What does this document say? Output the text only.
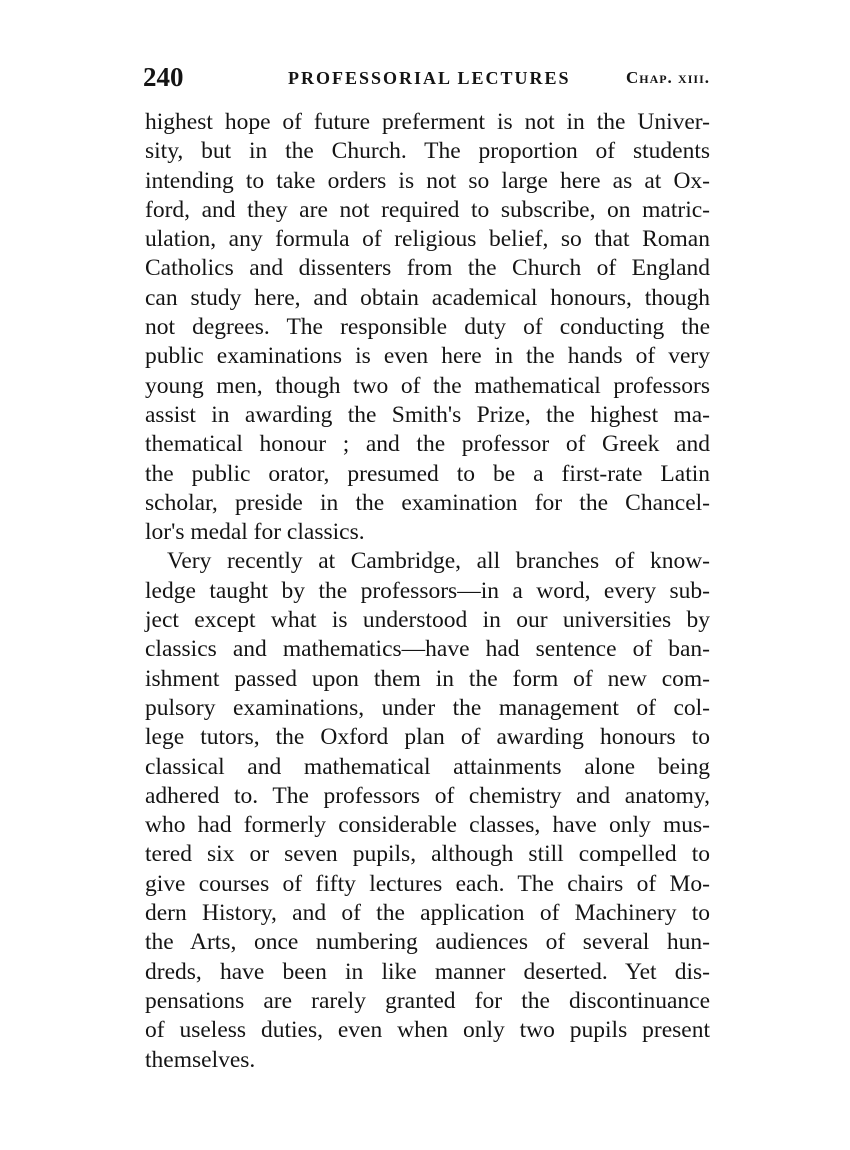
240	PROFESSORIAL LECTURES	Chap. xiii.
highest hope of future preferment is not in the Univer-
sity, but in the Church. The proportion of students
intending to take orders is not so large here as at Ox-
ford, and they are not required to subscribe, on matric-
ulation, any formula of religious belief, so that Roman
Catholics and dissenters from the Church of England
can study here, and obtain academical honours, though
not degrees. The responsible duty of conducting the
public examinations is even here in the hands of very
young men, though two of the mathematical professors
assist in awarding the Smith's Prize, the highest ma-
thematical honour ; and the professor of Greek and
the public orator, presumed to be a first-rate Latin
scholar, preside in the examination for the Chancel-
lor's medal for classics.
Very recently at Cambridge, all branches of know-
ledge taught by the professors—in a word, every sub-
ject except what is understood in our universities by
classics and mathematics—have had sentence of ban-
ishment passed upon them in the form of new com-
pulsory examinations, under the management of col-
lege tutors, the Oxford plan of awarding honours to
classical and mathematical attainments alone being
adhered to. The professors of chemistry and anatomy,
who had formerly considerable classes, have only mus-
tered six or seven pupils, although still compelled to
give courses of fifty lectures each. The chairs of Mo-
dern History, and of the application of Machinery to
the Arts, once numbering audiences of several hun-
dreds, have been in like manner deserted. Yet dis-
pensations are rarely granted for the discontinuance
of useless duties, even when only two pupils present
themselves.
